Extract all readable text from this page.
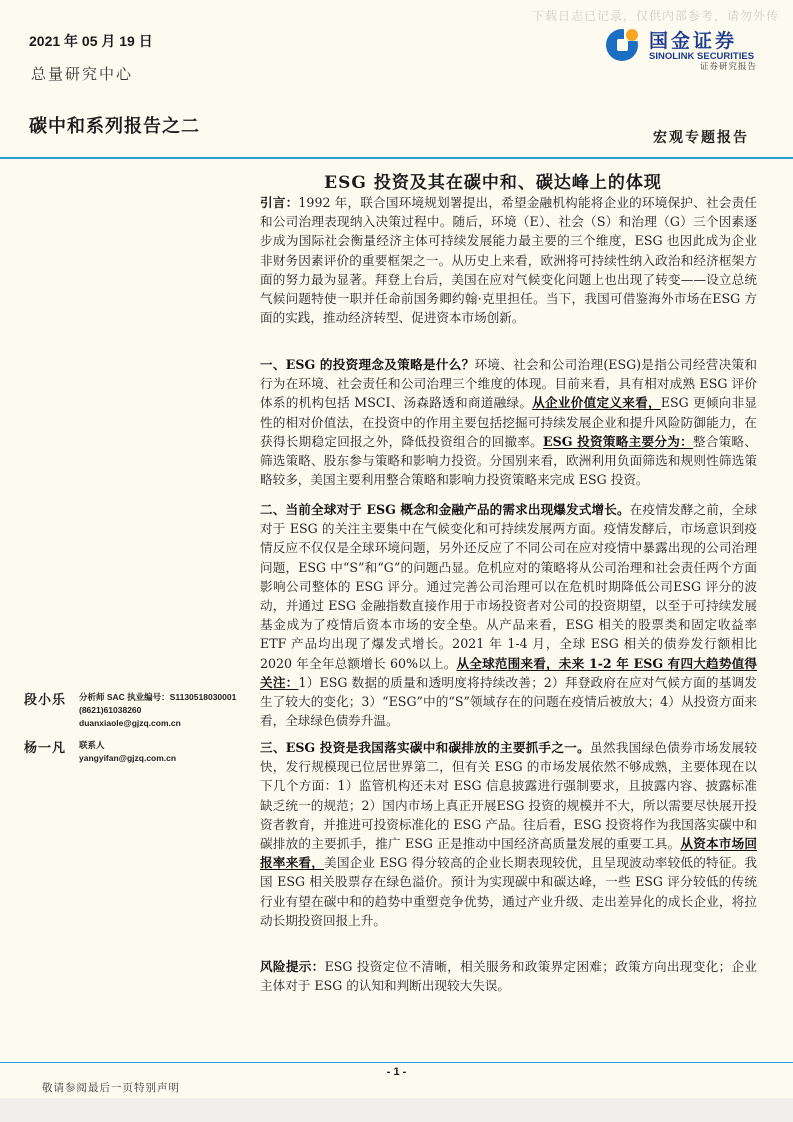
下载日志已记录，仅供内部参考，请勿外传
2021 年 05 月 19 日
总量研究中心
碳中和系列报告之二
国金证券
SINOLINK SECURITIES
证券研究报告
宏观专题报告
ESG 投资及其在碳中和、碳达峰上的体现

引言：1992 年，联合国环境规划署提出，希望金融机构能将企业的环境保护、社会责任和公司治理表现纳入决策过程中。随后，环境（E）、社会（S）和治理（G）三个因素逐步成为国际社会衡量经济主体可持续发展能力最主要的三个维度，ESG 也因此成为企业非财务因素评价的重要框架之一。从历史上来看，欧洲将可持续性纳入政治和经济框架方面的努力最为显著。拜登上台后，美国在应对气候变化问题上也出现了转变——设立总统气候问题特使一职并任命前国务卿约翰·克里担任。当下，我国可借鉴海外市场在ESG 方面的实践，推动经济转型、促进资本市场创新。

一、ESG 的投资理念及策略是什么？环境、社会和公司治理(ESG)是指公司经营决策和行为在环境、社会责任和公司治理三个维度的体现。目前来看，具有相对成熟 ESG 评价体系的机构包括 MSCI、汤森路透和商道融绿。从企业价值定义来看，ESG 更倾向非显性的相对价值法，在投资中的作用主要包括挖掘可持续发展企业和提升风险防御能力，在获得长期稳定回报之外，降低投资组合的回撤率。ESG 投资策略主要分为：整合策略、筛选策略、股东参与策略和影响力投资。分国别来看，欧洲利用负面筛选和规则性筛选策略较多，美国主要利用整合策略和影响力投资策略来完成 ESG 投资。

二、当前全球对于 ESG 概念和金融产品的需求出现爆发式增长。在疫情发酵之前，全球对于 ESG 的关注主要集中在气候变化和可持续发展两方面。疫情发酵后，市场意识到疫情反应不仅仅是全球环境问题，另外还反应了不同公司在应对疫情中暴露出现的公司治理问题，ESG 中“S”和“G”的问题凸显。危机应对的策略将从公司治理和社会责任两个方面影响公司整体的 ESG 评分。通过完善公司治理可以在危机时期降低公司ESG 评分的波动，并通过 ESG 金融指数直接作用于市场投资者对公司的投资期望，以至于可持续发展基金成为了疫情后资本市场的安全垫。从产品来看，ESG 相关的股票类和固定收益率ETF 产品均出现了爆发式增长。2021 年 1-4 月，全球 ESG 相关的债券发行额相比 2020 年全年总额增长 60%以上。从全球范围来看，未来 1-2 年 ESG 有四大趋势值得关注：1）ESG 数据的质量和透明度将持续改善；2）拜登政府在应对气候方面的基调发生了较大的变化；3）“ESG”中的“S”领域存在的问题在疫情后被放大；4）从投资方面来看，全球绿色债券升温。

三、ESG 投资是我国落实碳中和碳排放的主要抓手之一。虽然我国绿色债券市场发展较快，发行规模现已位居世界第二，但有关 ESG 的市场发展依然不够成熟，主要体现在以下几个方面：1）监管机构还未对 ESG 信息披露进行强制要求，且披露内容、披露标准缺乏统一的规范；2）国内市场上真正开展ESG 投资的规模并不大，所以需要尽快展开投资者教育，并推进可投资标准化的 ESG 产品。往后看，ESG 投资将作为我国落实碳中和碳排放的主要抓手，推广 ESG 正是推动中国经济高质量发展的重要工具。从资本市场回报率来看，美国企业 ESG 得分较高的企业长期表现较优，且呈现波动率较低的特征。我国 ESG 相关股票存在绿色溢价。预计为实现碳中和碳达峰，一些 ESG 评分较低的传统行业有望在碳中和的趋势中重塑竞争优势，通过产业升级、走出差异化的成长企业，将拉动长期投资回报上升。

风险提示：ESG 投资定位不清晰，相关服务和政策界定困难；政策方向出现变化；企业主体对于 ESG 的认知和判断出现较大失误。

段小乐 分析师 SAC 执业编号：S1130518030001
(8621)61038260
duanxiaole@gjzq.com.cn
杨一凡 联系人
yangyifan@gjzq.com.cn
- 1 -
敬请参阅最后一页特别声明
